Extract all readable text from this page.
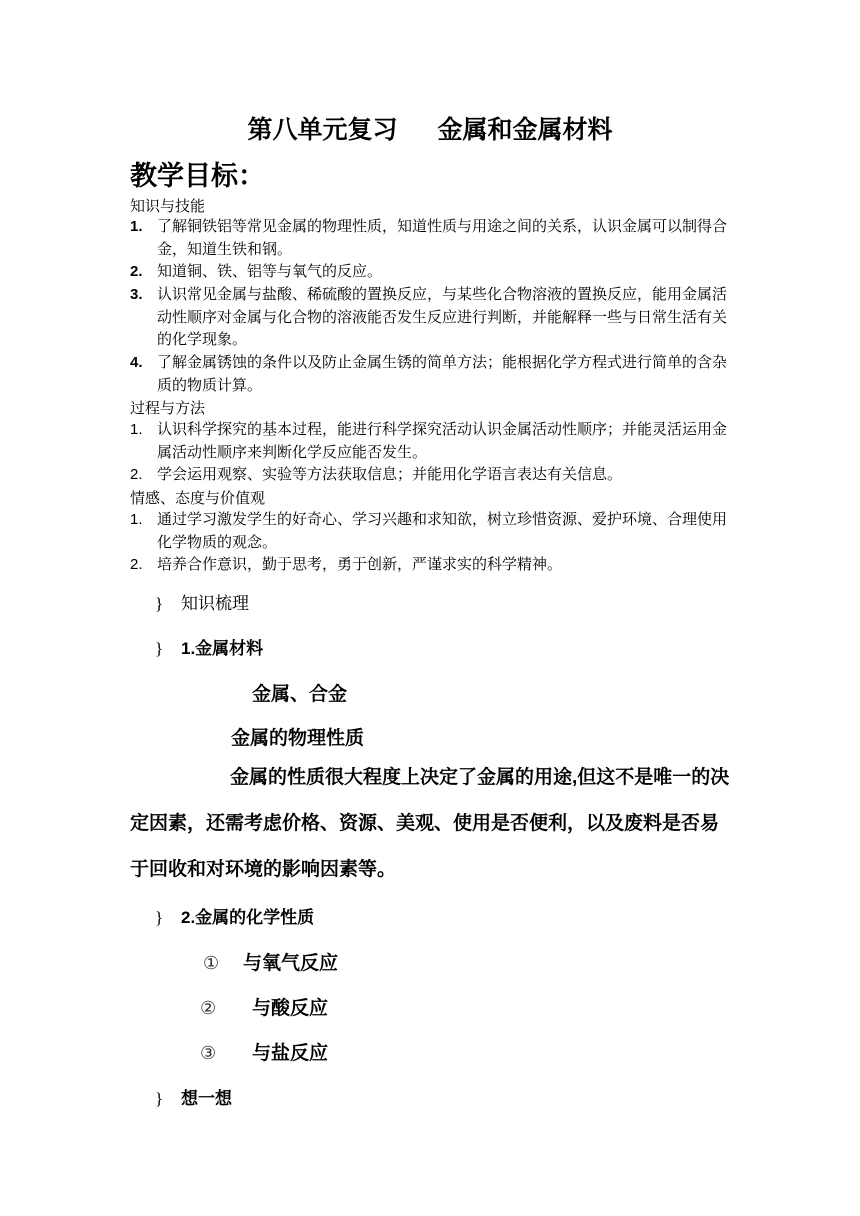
第八单元复习 金属和金属材料
教学目标：
知识与技能
1. 了解铜铁铝等常见金属的物理性质，知道性质与用途之间的关系，认识金属可以制得合金，知道生铁和钢。
2. 知道铜、铁、铝等与氧气的反应。
3. 认识常见金属与盐酸、稀硫酸的置换反应，与某些化合物溶液的置换反应，能用金属活动性顺序对金属与化合物的溶液能否发生反应进行判断，并能解释一些与日常生活有关的化学现象。
4. 了解金属锈蚀的条件以及防止金属生锈的简单方法；能根据化学方程式进行简单的含杂质的物质计算。
过程与方法
1. 认识科学探究的基本过程，能进行科学探究活动认识金属活动性顺序；并能灵活运用金属活动性顺序来判断化学反应能否发生。
2. 学会运用观察、实验等方法获取信息；并能用化学语言表达有关信息。
情感、态度与价值观
1. 通过学习激发学生的好奇心、学习兴趣和求知欲，树立珍惜资源、爱护环境、合理使用化学物质的观念。
2. 培养合作意识，勤于思考，勇于创新，严谨求实的科学精神。
} 知识梳理
} 1.金属材料
金属、合金
金属的物理性质
金属的性质很大程度上决定了金属的用途,但这不是唯一的决定因素，还需考虑价格、资源、美观、使用是否便利，以及废料是否易于回收和对环境的影响因素等。
} 2.金属的化学性质
① 与氧气反应
② 与酸反应
③ 与盐反应
} 想一想
